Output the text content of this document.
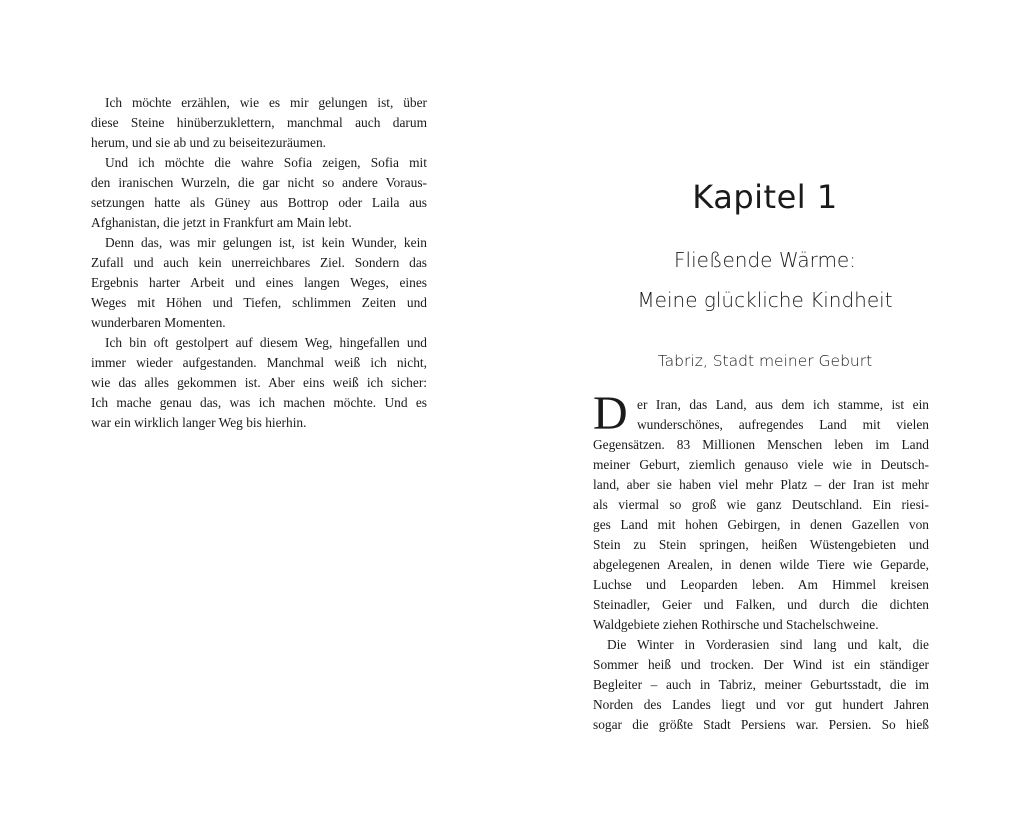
Ich möchte erzählen, wie es mir gelungen ist, über
diese Steine hinüberzuklettern, manchmal auch darum
herum, und sie ab und zu beiseitezuräumen.
Und ich möchte die wahre Sofia zeigen, Sofia mit
den iranischen Wurzeln, die gar nicht so andere Voraus-
setzungen hatte als Güney aus Bottrop oder Laila aus
Afghanistan, die jetzt in Frankfurt am Main lebt.
Denn das, was mir gelungen ist, ist kein Wunder, kein
Zufall und auch kein unerreichbares Ziel. Sondern das
Ergebnis harter Arbeit und eines langen Weges, eines
Weges mit Höhen und Tiefen, schlimmen Zeiten und
wunderbaren Momenten.
Ich bin oft gestolpert auf diesem Weg, hingefallen und
immer wieder aufgestanden. Manchmal weiß ich nicht,
wie das alles gekommen ist. Aber eins weiß ich sicher:
Ich mache genau das, was ich machen möchte. Und es
war ein wirklich langer Weg bis hierhin.
Kapitel 1
Fließende Wärme:
Meine glückliche Kindheit
Tabriz, Stadt meiner Geburt
D er Iran, das Land, aus dem ich stamme, ist ein
wunderschönes, aufregendes Land mit vielen
Gegensätzen. 83 Millionen Menschen leben im Land
meiner Geburt, ziemlich genauso viele wie in Deutsch-
land, aber sie haben viel mehr Platz – der Iran ist mehr
als viermal so groß wie ganz Deutschland. Ein riesi-
ges Land mit hohen Gebirgen, in denen Gazellen von
Stein zu Stein springen, heißen Wüstengebieten und
abgelegenen Arealen, in denen wilde Tiere wie Geparde,
Luchse und Leoparden leben. Am Himmel kreisen
Steinadler, Geier und Falken, und durch die dichten
Waldgebiete ziehen Rothirsche und Stachelschweine.
Die Winter in Vorderasien sind lang und kalt, die
Sommer heiß und trocken. Der Wind ist ein ständiger
Begleiter – auch in Tabriz, meiner Geburtsstadt, die im
Norden des Landes liegt und vor gut hundert Jahren
sogar die größte Stadt Persiens war. Persien. So hieß
